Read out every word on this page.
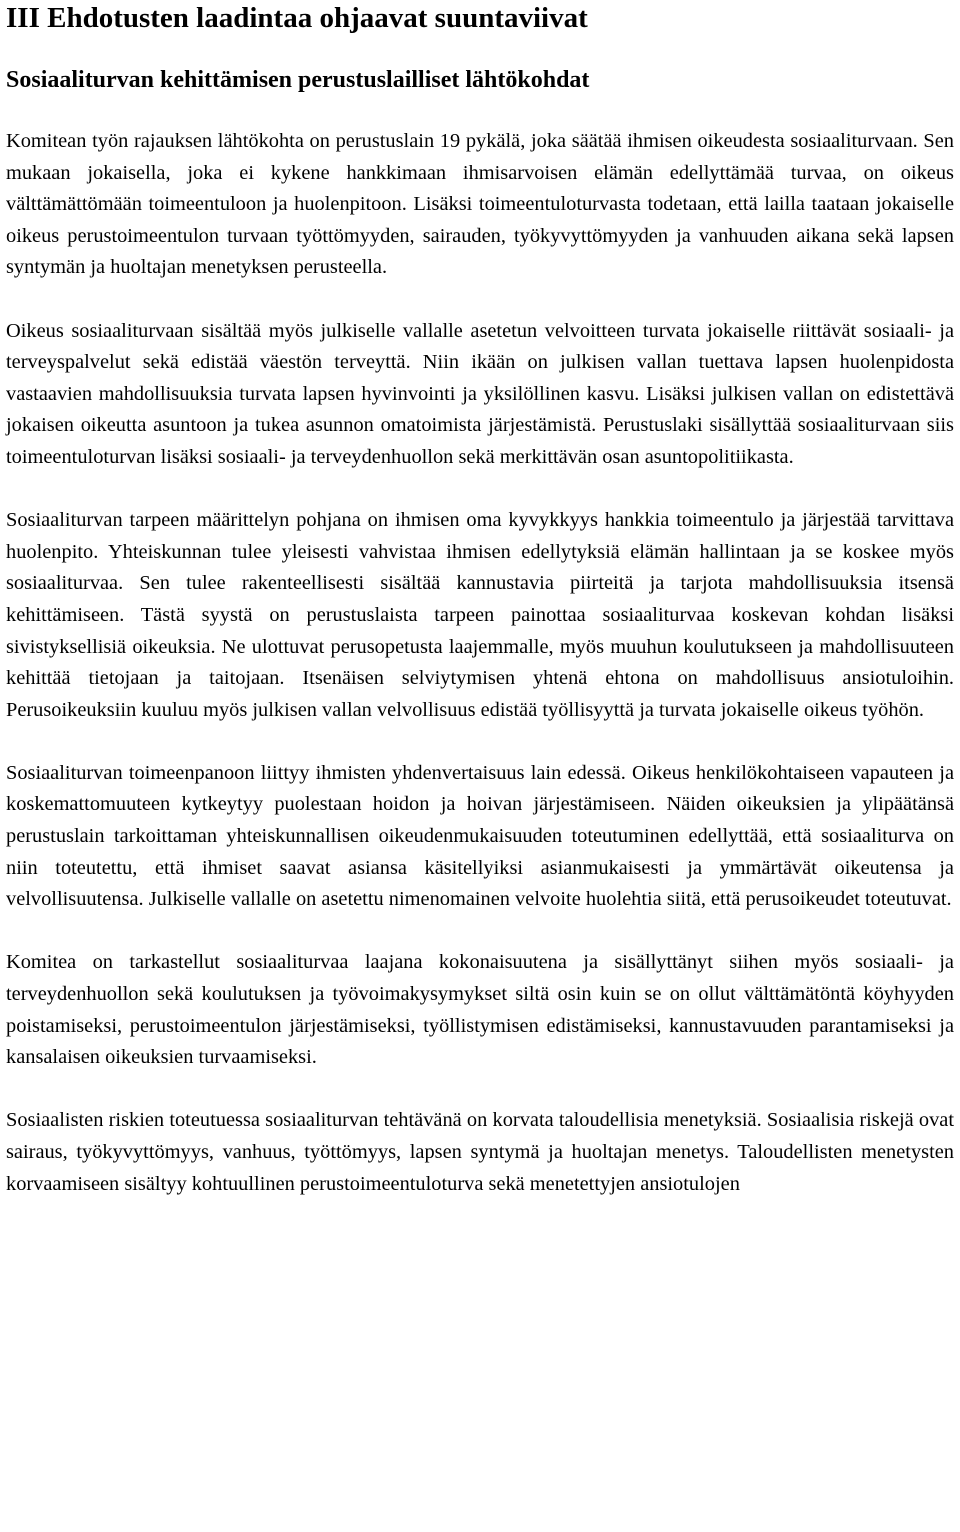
III Ehdotusten laadintaa ohjaavat suuntaviivat
Sosiaaliturvan kehittämisen perustuslailliset lähtökohdat

Komitean työn rajauksen lähtökohta on perustuslain 19 pykälä, joka säätää ihmisen oikeudesta sosiaaliturvaan. Sen mukaan jokaisella, joka ei kykene hankkimaan ihmisarvoisen elämän edellyttämää turvaa, on oikeus välttämättömään toimeentuloon ja huolenpitoon. Lisäksi toimeentuloturvasta todetaan, että lailla taataan jokaiselle oikeus perustoimeentulon turvaan työttömyyden, sairauden, työkyvyttömyyden ja vanhuuden aikana sekä lapsen syntymän ja huoltajan menetyksen perusteella.

Oikeus sosiaaliturvaan sisältää myös julkiselle vallalle asetetun velvoitteen turvata jokaiselle riittävät sosiaali- ja terveyspalvelut sekä edistää väestön terveyttä. Niin ikään on julkisen vallan tuettava lapsen huolenpidosta vastaavien mahdollisuuksia turvata lapsen hyvinvointi ja yksilöllinen kasvu. Lisäksi julkisen vallan on edistettävä jokaisen oikeutta asuntoon ja tukea asunnon omatoimista järjestämistä. Perustuslaki sisällyttää sosiaaliturvaan siis toimeentuloturvan lisäksi sosiaali- ja terveydenhuollon sekä merkittävän osan asuntopolitiikasta.

Sosiaaliturvan tarpeen määrittelyn pohjana on ihmisen oma kyvykkyys hankkia toimeentulo ja järjestää tarvittava huolenpito. Yhteiskunnan tulee yleisesti vahvistaa ihmisen edellytyksiä elämän hallintaan ja se koskee myös sosiaaliturvaa. Sen tulee rakenteellisesti sisältää kannustavia piirteitä ja tarjota mahdollisuuksia itsensä kehittämiseen. Tästä syystä on perustuslaista tarpeen painottaa sosiaaliturvaa koskevan kohdan lisäksi sivistyksellisiä oikeuksia. Ne ulottuvat perusopetusta laajemmalle, myös muuhun koulutukseen ja mahdollisuuteen kehittää tietojaan ja taitojaan. Itsenäisen selviytymisen yhtenä ehtona on mahdollisuus ansiotuloihin. Perusoikeuksiin kuuluu myös julkisen vallan velvollisuus edistää työllisyyttä ja turvata jokaiselle oikeus työhön.

Sosiaaliturvan toimeenpanoon liittyy ihmisten yhdenvertaisuus lain edessä. Oikeus henkilökohtaiseen vapauteen ja koskemattomuuteen kytkeytyy puolestaan hoidon ja hoivan järjestämiseen. Näiden oikeuksien ja ylipäätänsä perustuslain tarkoittaman yhteiskunnallisen oikeudenmukaisuuden toteutuminen edellyttää, että sosiaaliturva on niin toteutettu, että ihmiset saavat asiansa käsitellyiksi asianmukaisesti ja ymmärtävät oikeutensa ja velvollisuutensa. Julkiselle vallalle on asetettu nimenomainen velvoite huolehtia siitä, että perusoikeudet toteutuvat.

Komitea on tarkastellut sosiaaliturvaa laajana kokonaisuutena ja sisällyttänyt siihen myös sosiaali- ja terveydenhuollon sekä koulutuksen ja työvoimakysymykset siltä osin kuin se on ollut välttämätöntä köyhyyden poistamiseksi, perustoimeentulon järjestämiseksi, työllistymisen edistämiseksi, kannustavuuden parantamiseksi ja kansalaisen oikeuksien turvaamiseksi.

Sosiaalisten riskien toteutuessa sosiaaliturvan tehtävänä on korvata taloudellisia menetyksiä. Sosiaalisia riskejä ovat sairaus, työkyvyttömyys, vanhuus, työttömyys, lapsen syntymä ja huoltajan menetys. Taloudellisten menetysten korvaamiseen sisältyy kohtuullinen perustoimeentuloturva sekä menetettyjen ansiotulojen
